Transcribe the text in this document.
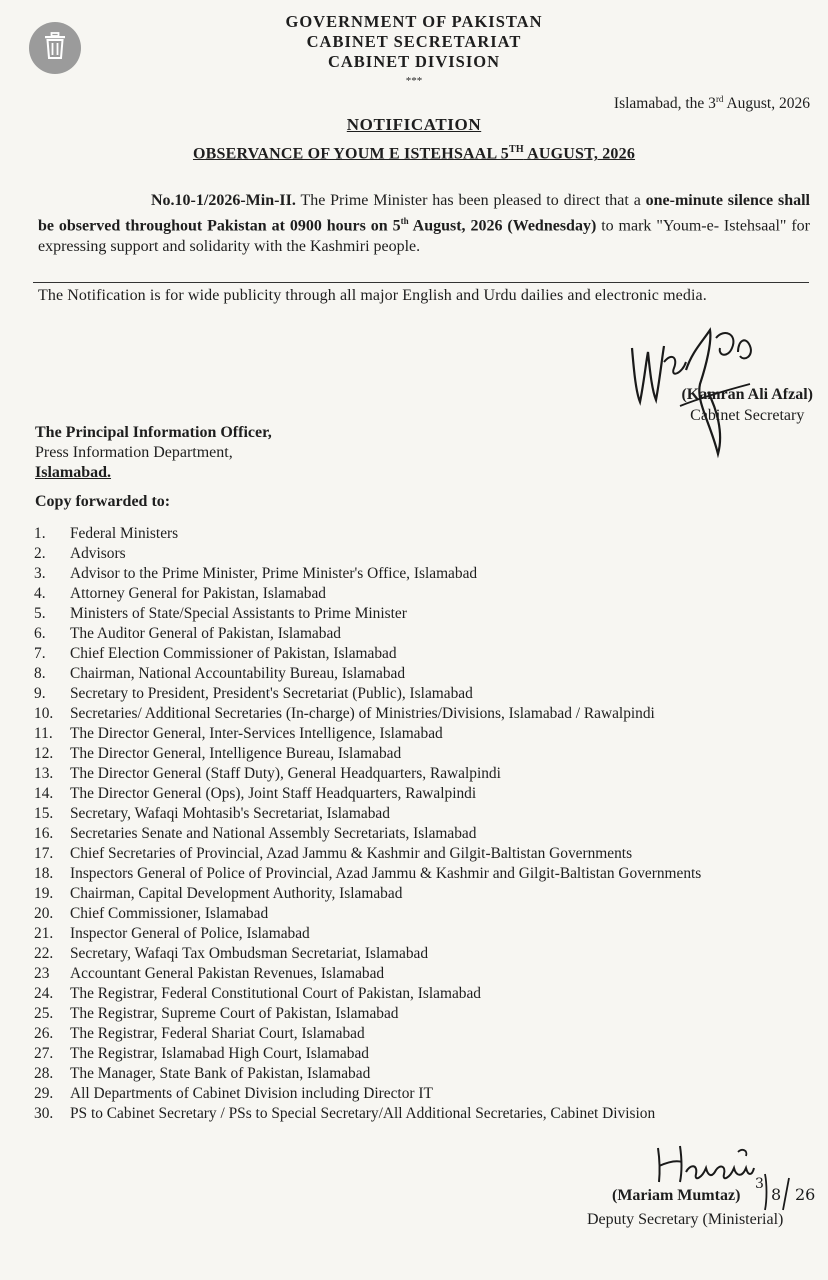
GOVERNMENT OF PAKISTAN
CABINET SECRETARIAT
CABINET DIVISION
***
Islamabad, the 3rd August, 2026
NOTIFICATION
OBSERVANCE OF YOUM E ISTEHSAAL 5TH AUGUST, 2026
No.10-1/2026-Min-II. The Prime Minister has been pleased to direct that a one-minute silence shall be observed throughout Pakistan at 0900 hours on 5th August, 2026 (Wednesday) to mark "Youm-e- Istehsaal" for expressing support and solidarity with the Kashmiri people.
The Notification is for wide publicity through all major English and Urdu dailies and electronic media.
(Kamran Ali Afzal)
Cabinet Secretary
The Principal Information Officer,
Press Information Department,
Islamabad.
Copy forwarded to:
1.	Federal Ministers
2.	Advisors
3.	Advisor to the Prime Minister, Prime Minister's Office, Islamabad
4.	Attorney General for Pakistan, Islamabad
5.	Ministers of State/Special Assistants to Prime Minister
6.	The Auditor General of Pakistan, Islamabad
7.	Chief Election Commissioner of Pakistan, Islamabad
8.	Chairman, National Accountability Bureau, Islamabad
9.	Secretary to President, President's Secretariat (Public), Islamabad
10.	Secretaries/ Additional Secretaries (In-charge) of Ministries/Divisions, Islamabad / Rawalpindi
11.	The Director General, Inter-Services Intelligence, Islamabad
12.	The Director General, Intelligence Bureau, Islamabad
13.	The Director General (Staff Duty), General Headquarters, Rawalpindi
14.	The Director General (Ops), Joint Staff Headquarters, Rawalpindi
15.	Secretary, Wafaqi Mohtasib's Secretariat, Islamabad
16.	Secretaries Senate and National Assembly Secretariats, Islamabad
17.	Chief Secretaries of Provincial, Azad Jammu & Kashmir and Gilgit-Baltistan Governments
18.	Inspectors General of Police of Provincial, Azad Jammu & Kashmir and Gilgit-Baltistan Governments
19.	Chairman, Capital Development Authority, Islamabad
20.	Chief Commissioner, Islamabad
21.	Inspector General of Police, Islamabad
22.	Secretary, Wafaqi Tax Ombudsman Secretariat, Islamabad
23	Accountant General Pakistan Revenues, Islamabad
24.	The Registrar, Federal Constitutional Court of Pakistan, Islamabad
25.	The Registrar, Supreme Court of Pakistan, Islamabad
26.	The Registrar, Federal Shariat Court, Islamabad
27.	The Registrar, Islamabad High Court, Islamabad
28.	The Manager, State Bank of Pakistan, Islamabad
29.	All Departments of Cabinet Division including Director IT
30.	PS to Cabinet Secretary / PSs to Special Secretary/All Additional Secretaries, Cabinet Division
3
8 26
(Mariam Mumtaz)
Deputy Secretary (Ministerial)
